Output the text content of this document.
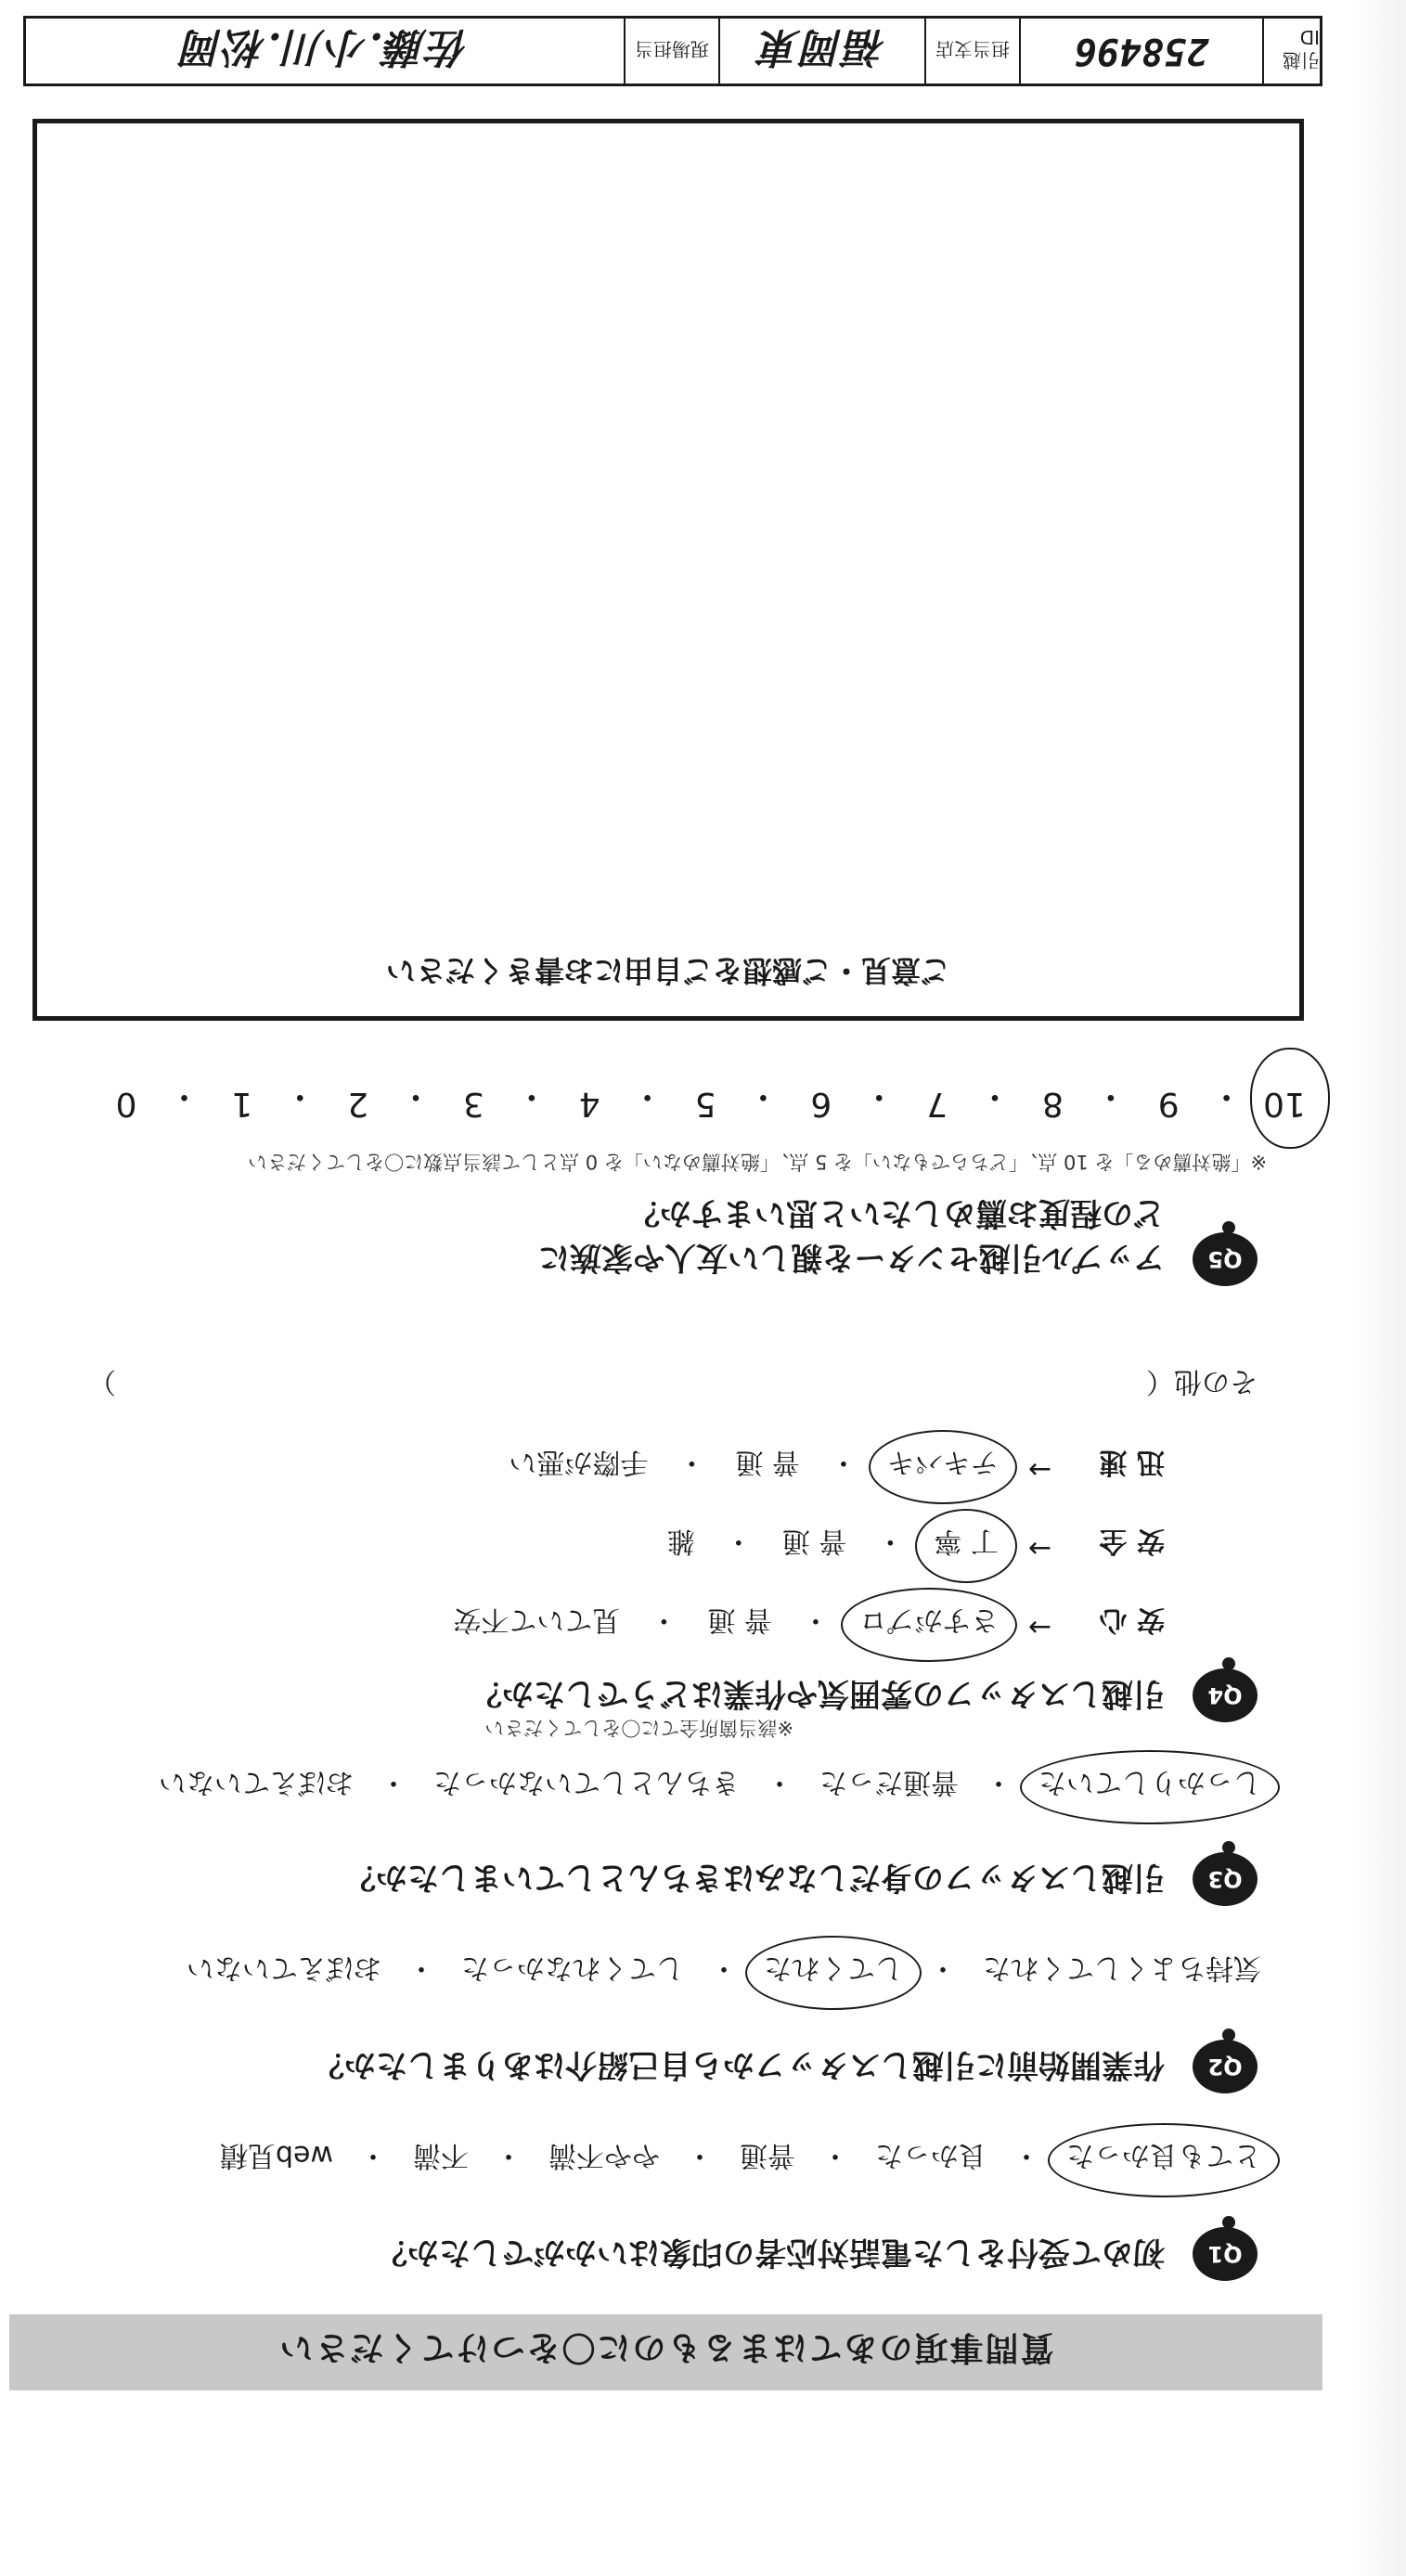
質問事項のあてはまるものに〇をつけてください
Q1
初めて受付をした電話対応者の印象はいかがでしたか？
とても良かった
・
良かった
・
普通
・
やや不満
・
不満
・
web見積
Q2
作業開始前に引越しスタッフから自己紹介はありましたか？
気持ちよくしてくれた
・
してくれた
・
してくれなかった
・
おぼえていない
Q3
引越しスタッフの身だしなみはきちんとしていましたか？
しっかりしていた
・
普通だった
・
きちんとしていなかった
・
おぼえていない
Q4
引越しスタッフの雰囲気や作業はどうでしたか？
※該当箇所全てに〇をしてください
安 心
→
さすがプロ
・
普 通
・
見ていて不安
安 全
→
丁 寧
・
普 通
・
雑
迅 速
→
テキパキ
・
普 通
・
手際が悪い
その他（
）
Q5
アップル引越センターを親しい友人や家族に
どの程度お薦めしたいと思いますか？
※「絶対薦める」を 10 点、「どちらでもない」を 5 点、「絶対薦めない」を 0 点として該当点数に〇をしてください
10
・
9
・
8
・
7
・
6
・
5
・
4
・
3
・
2
・
1
・
0
ご意見・ご感想をご自由にお書きください
引越 ID
258496
担当支店
福岡東
現場担当
佐藤.小川.松岡
